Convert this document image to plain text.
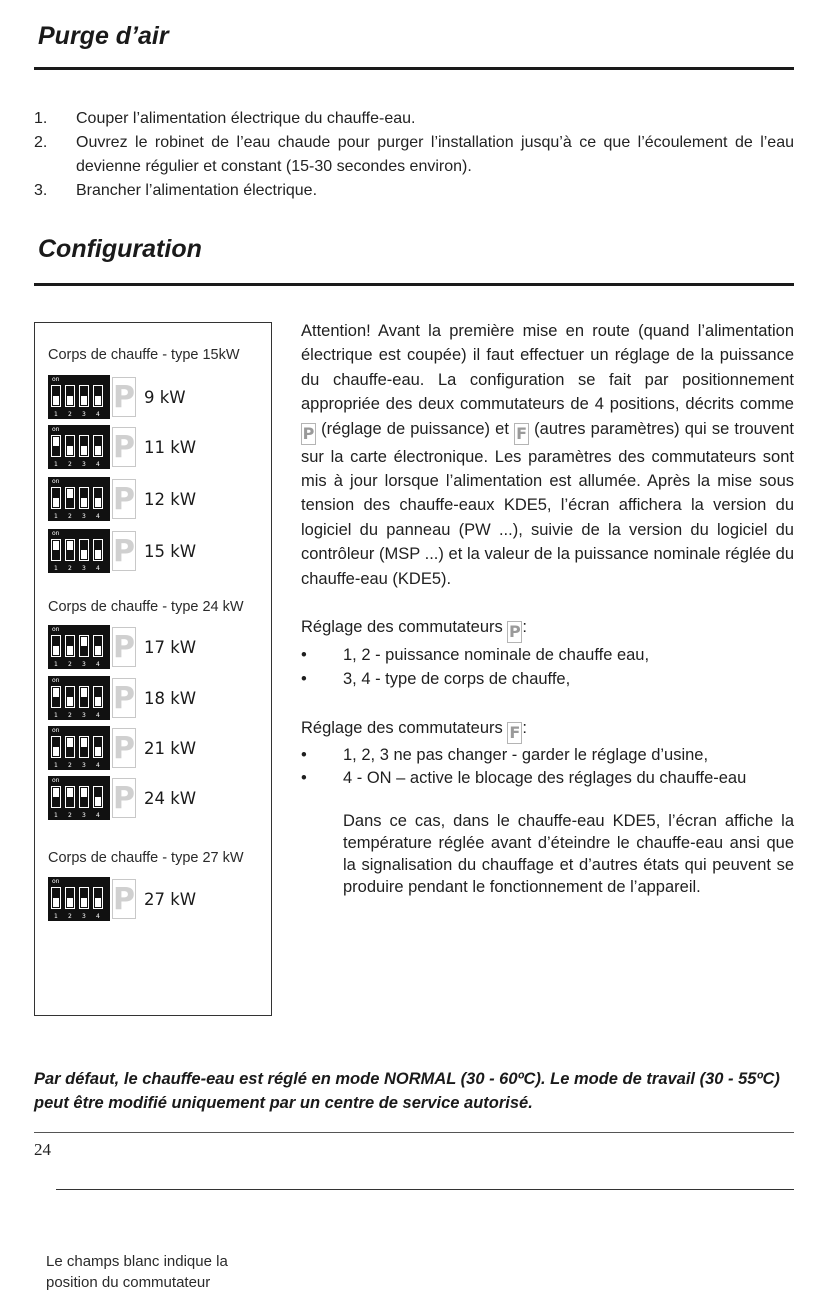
Purge d’air
1.	Couper l’alimentation électrique du chauffe-eau.
2.	Ouvrez le robinet de l’eau chaude pour purger l’installation jusqu’à ce que l’écoulement de l’eau devienne régulier et constant (15-30 secondes environ).
3.	Brancher l’alimentation électrique.
Configuration

Le champs blanc indique la position du commutateur

Corps de chauffe - type 15kW
on
1 2 3 4 P 9 kW
on
1 2 3 4 P 11 kW
on
1 2 3 4 P 12 kW
on
1 2 3 4 P 15 kW
Corps de chauffe - type 24 kW
on
1 2 3 4 P 17 kW
on
1 2 3 4 P 18 kW
on
1 2 3 4 P 21 kW
on
1 2 3 4 P 24 kW
Corps de chauffe - type 27 kW
on
1 2 3 4 P 27 kW

Attention! Avant la première mise en route (quand l’alimentation électrique est coupée) il faut effectuer un réglage de la puissance du chauffe-eau. La configuration se fait par positionnement appropriée des deux commutateurs de 4 positions, décrits comme P (réglage de puissance) et F (autres paramètres) qui se trouvent sur la carte électronique. Les paramètres des commutateurs sont mis à jour lorsque l’alimentation est allumée. Après la mise sous tension des chauffe-eaux KDE5, l’écran affichera la version du logiciel du panneau (PW ...), suivie de la version du logiciel du contrôleur (MSP ...) et la valeur de la puissance nominale réglée du chauffe-eau (KDE5).

Réglage des commutateurs P:

•	1, 2 - puissance nominale de chauffe eau,
•	3, 4 - type de corps de chauffe,

Réglage des commutateurs F :

•	1, 2, 3 ne pas changer - garder le réglage d’usine,
•	4 - ON – active le blocage des réglages du chauffe-eau

Dans ce cas, dans le chauffe-eau KDE5, l’écran affiche la température réglée avant d’éteindre le chauffe-eau ansi que la signalisation du chauffage et d’autres états qui peuvent se produire pendant le fonctionnement de l’appareil.

Par défaut, le chauffe-eau est réglé en mode NORMAL (30 - 60ºC). Le mode de travail (30 - 55ºC) peut être modifié uniquement par un centre de service autorisé.

24
